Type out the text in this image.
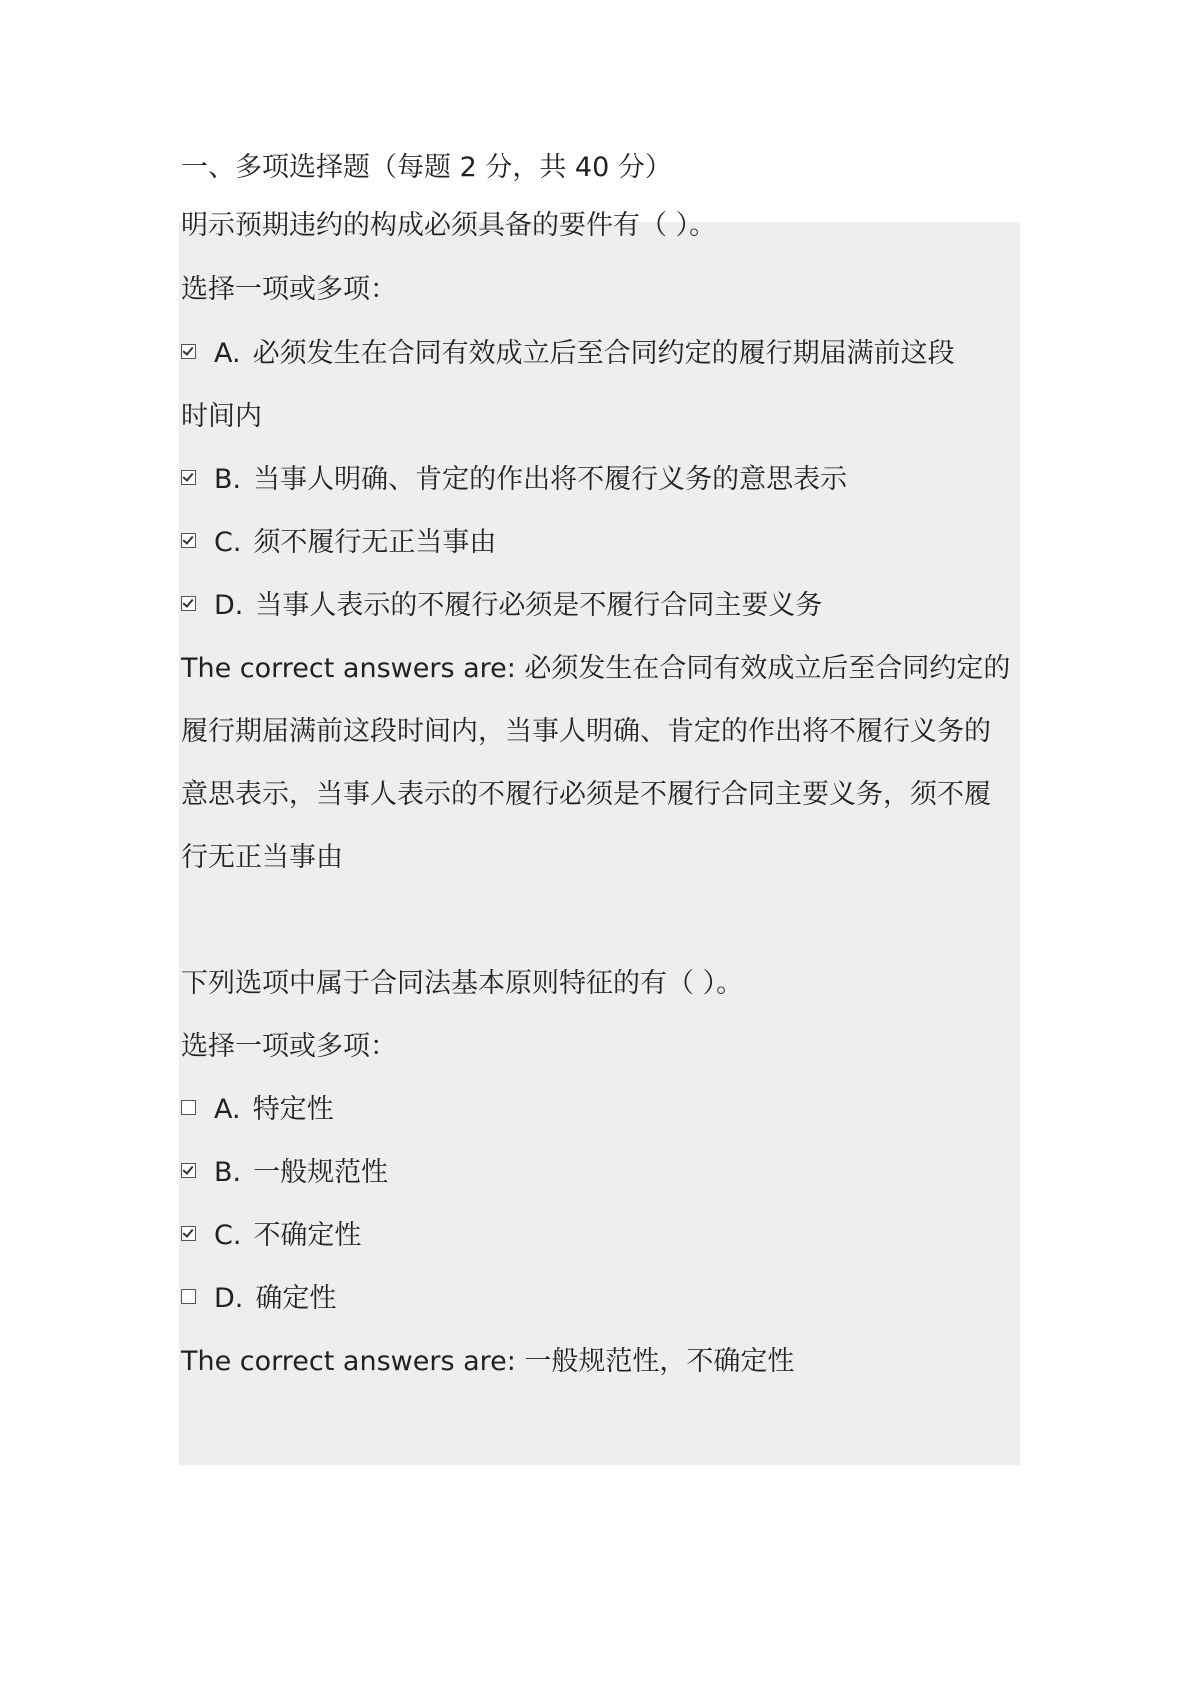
一、多项选择题（每题 2 分，共 40 分）
明示预期违约的构成必须具备的要件有（ ）。
选择一项或多项：
A. 必须发生在合同有效成立后至合同约定的履行期届满前这段
时间内
B. 当事人明确、肯定的作出将不履行义务的意思表示
C. 须不履行无正当事由
D. 当事人表示的不履行必须是不履行合同主要义务
The correct answers are: 必须发生在合同有效成立后至合同约定的
履行期届满前这段时间内，当事人明确、肯定的作出将不履行义务的
意思表示，当事人表示的不履行必须是不履行合同主要义务，须不履
行无正当事由
下列选项中属于合同法基本原则特征的有（ ）。
选择一项或多项：
A. 特定性
B. 一般规范性
C. 不确定性
D. 确定性
The correct answers are: 一般规范性，不确定性
